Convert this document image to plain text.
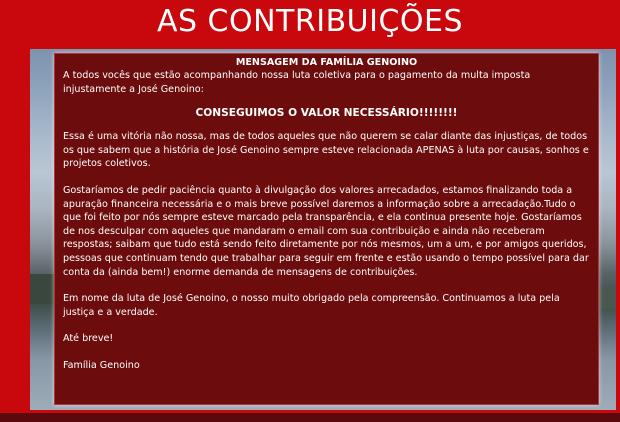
AS CONTRIBUIÇÕES
MENSAGEM DA FAMÍLIA GENOINO

A todos vocês que estão acompanhando nossa luta coletiva para o pagamento da multa imposta injustamente a José Genoino:

CONSEGUIMOS O VALOR NECESSÁRIO!!!!!!!!

Essa é uma vitória não nossa, mas de todos aqueles que não querem se calar diante das injustiças, de todos os que sabem que a história de José Genoino sempre esteve relacionada APENAS à luta por causas, sonhos e projetos coletivos.

Gostaríamos de pedir paciência quanto à divulgação dos valores arrecadados, estamos finalizando toda a apuração financeira necessária e o mais breve possível daremos a informação sobre a arrecadação.Tudo o que foi feito por nós sempre esteve marcado pela transparência, e ela continua presente hoje. Gostaríamos de nos desculpar com aqueles que mandaram o email com sua contribuição e ainda não receberam respostas; saibam que tudo está sendo feito diretamente por nós mesmos, um a um, e por amigos queridos, pessoas que continuam tendo que trabalhar para seguir em frente e estão usando o tempo possível para dar conta da (ainda bem!) enorme demanda de mensagens de contribuições.

Em nome da luta de José Genoino, o nosso muito obrigado pela compreensão. Continuamos a luta pela justiça e a verdade.

Até breve!

Família Genoino
